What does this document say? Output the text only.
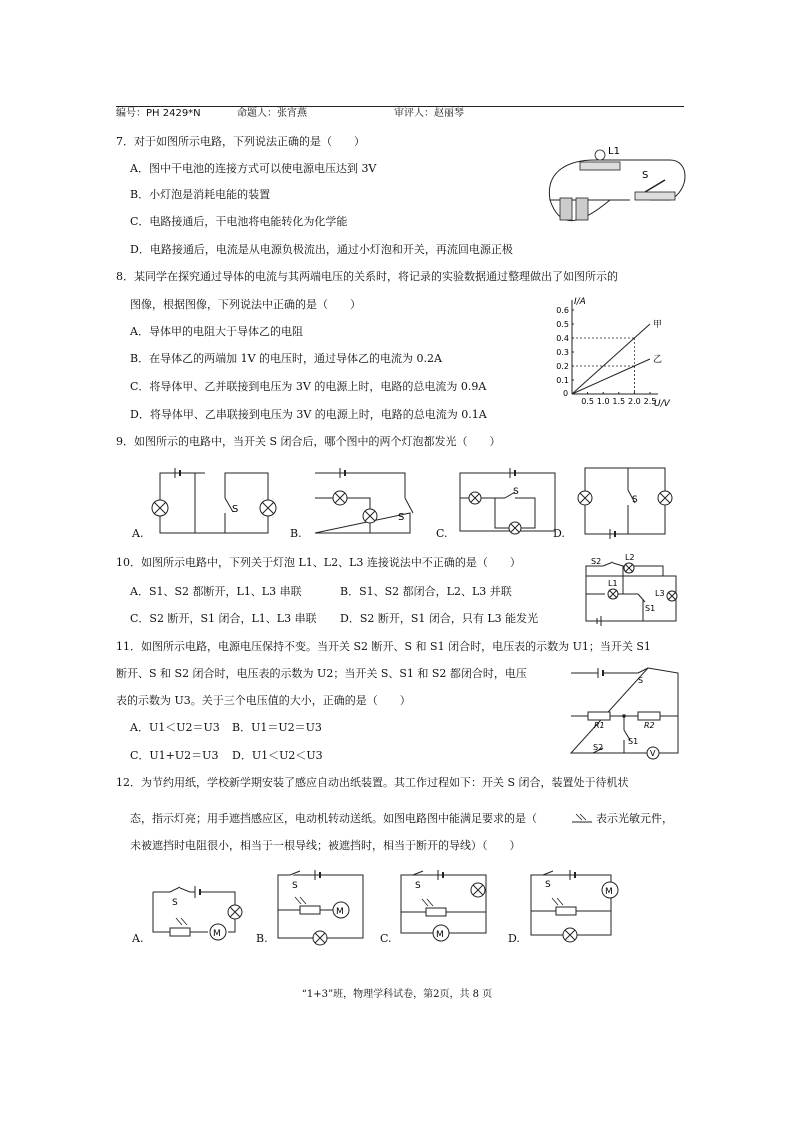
编号：PH 2429*N	命题人：张宵燕	审评人：赵丽琴
7．对于如图所示电路，下列说法正确的是（　　）
A．图中干电池的连接方式可以使电源电压达到 3V
B．小灯泡是消耗电能的装置
C．电路接通后，干电池将电能转化为化学能
D．电路接通后，电流是从电源负极流出，通过小灯泡和开关，再流回电源正极
L1
S
8．某同学在探究通过导体的电流与其两端电压的关系时，将记录的实验数据通过整理做出了如图所示的
图像，根据图像，下列说法中正确的是（　　）
A．导体甲的电阻大于导体乙的电阻
B．在导体乙的两端加 1V 的电压时，通过导体乙的电流为 0.2A
C．将导体甲、乙并联接到电压为 3V 的电源上时，电路的总电流为 0.9A
D．将导体甲、乙串联接到电压为 3V 的电源上时，电路的总电流为 0.1A
I/A
U/V
0
0.1
0.2
0.3
0.4
0.5
0.6
0.5 1.0 1.5 2.0 2.5
甲
乙
9．如图所示的电路中，当开关 S 闭合后，哪个图中的两个灯泡都发光（　　）
S
A.
S
B.
S
C.
S
D.
10．如图所示电路中，下列关于灯泡 L1、L2、L3 连接说法中不正确的是（　　）
A．S1、S2 都断开，L1、L3 串联	B．S1、S2 都闭合，L2、L3 并联
C．S2 断开，S1 闭合，L1、L3 串联 D．S2 断开，S1 闭合，只有 L3 能发光
S2	L2
L1
L3
S1
11．如图所示电路，电源电压保持不变。当开关 S2 断开、S 和 S1 闭合时，电压表的示数为 U1；当开关 S1
断开、S 和 S2 闭合时，电压表的示数为 U2；当开关 S、S1 和 S2 都闭合时，电压
表的示数为 U3。关于三个电压值的大小，正确的是（　　）
A．U1＜U2＝U3 B．U1＝U2＝U3
C．U1+U2＝U3 D．U1＜U2＜U3	V
S
R1	R2
S1
S2
12．为节约用纸，学校新学期安装了感应自动出纸装置。其工作过程如下：开关 S 闭合，装置处于待机状
态，指示灯亮；用手遮挡感应区，电动机转动送纸。如图电路图中能满足要求的是（	表示光敏元件，
未被遮挡时电阻很小，相当于一根导线；被遮挡时，相当于断开的导线）（　　）
M
S
A.
M
S
B.	M
S
C.
M
S
D.
“1+3”班，物理学科试卷，第2页，共 8 页
